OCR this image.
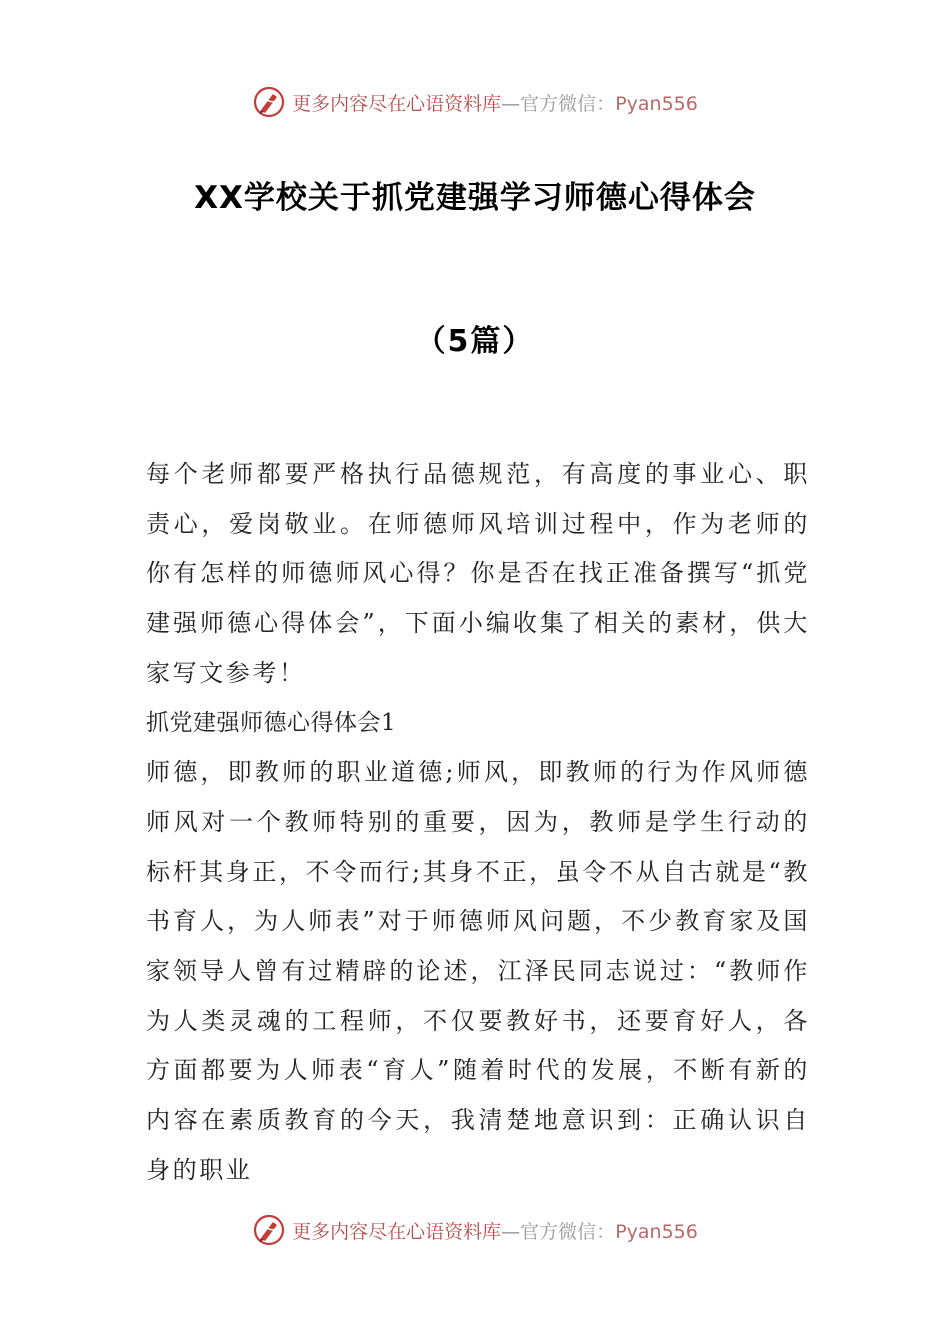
更多内容尽在心语资料库—官方微信：Pyan556
XX学校关于抓党建强学习师德心得体会
（5篇）

每个老师都要严格执行品德规范，有高度的事业心、职责心，爱岗敬业。在师德师风培训过程中，作为老师的你有怎样的师德师风心得？你是否在找正准备撰写“抓党建强师德心得体会”，下面小编收集了相关的素材，供大家写文参考！

抓党建强师德心得体会1

师德，即教师的职业道德;师风，即教师的行为作风师德师风对一个教师特别的重要，因为，教师是学生行动的标杆其身正，不令而行;其身不正，虽令不从自古就是“教书育人，为人师表”对于师德师风问题，不少教育家及国家领导人曾有过精辟的论述，江泽民同志说过：“教师作为人类灵魂的工程师，不仅要教好书，还要育好人，各方面都要为人师表“育人”随着时代的发展，不断有新的内容在素质教育的今天，我清楚地意识到：正确认识自身的职业

更多内容尽在心语资料库—官方微信：Pyan556
